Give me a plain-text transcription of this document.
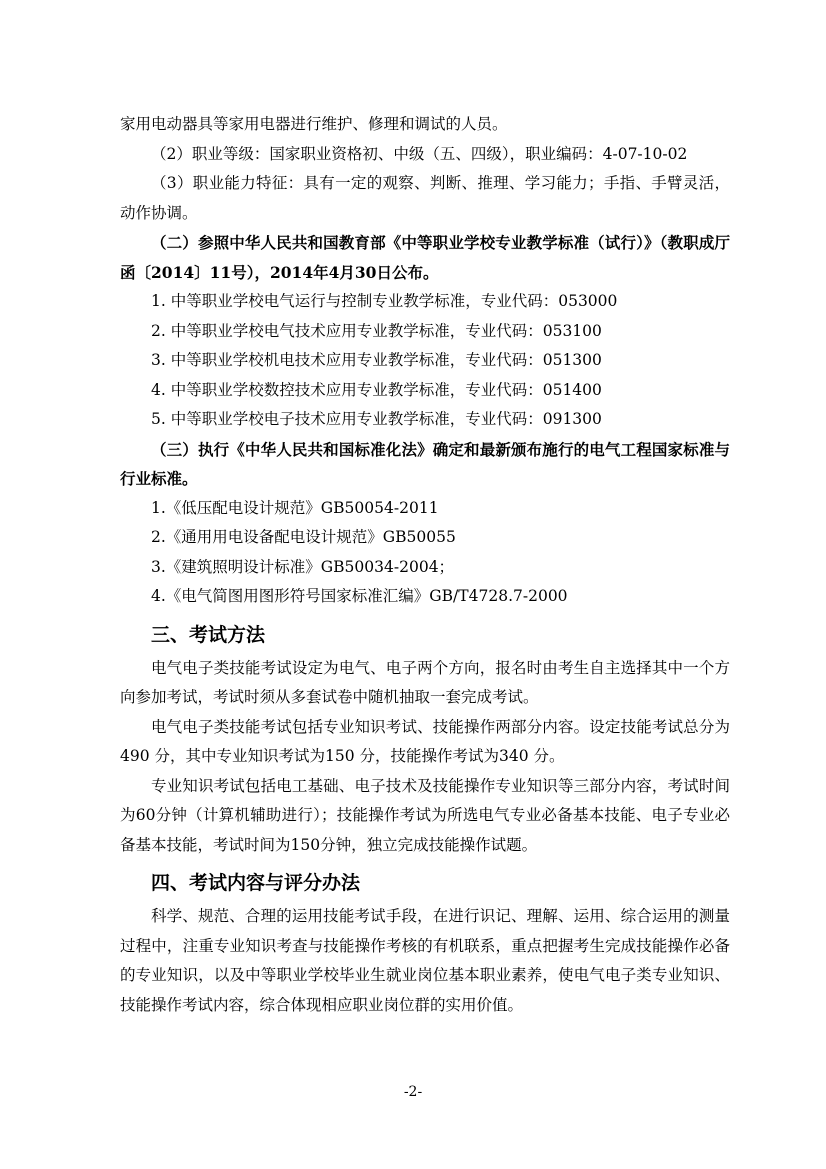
家用电动器具等家用电器进行维护、修理和调试的人员。

（2）职业等级：国家职业资格初、中级（五、四级），职业编码：4-07-10-02

（3）职业能力特征：具有一定的观察、判断、推理、学习能力；手指、手臂灵活，动作协调。

（二）参照中华人民共和国教育部《中等职业学校专业教学标准（试行）》（教职成厅函〔2014〕11号），2014年4月30日公布。

1. 中等职业学校电气运行与控制专业教学标准，专业代码：053000

2. 中等职业学校电气技术应用专业教学标准，专业代码：053100

3. 中等职业学校机电技术应用专业教学标准，专业代码：051300

4. 中等职业学校数控技术应用专业教学标准，专业代码：051400

5. 中等职业学校电子技术应用专业教学标准，专业代码：091300

（三）执行《中华人民共和国标准化法》确定和最新颁布施行的电气工程国家标准与行业标准。

1.《低压配电设计规范》GB50054-2011

2.《通用用电设备配电设计规范》GB50055

3.《建筑照明设计标准》GB50034-2004；

4.《电气简图用图形符号国家标准汇编》GB/T4728.7-2000

三、考试方法

电气电子类技能考试设定为电气、电子两个方向，报名时由考生自主选择其中一个方向参加考试，考试时须从多套试卷中随机抽取一套完成考试。

电气电子类技能考试包括专业知识考试、技能操作两部分内容。设定技能考试总分为490 分，其中专业知识考试为150 分，技能操作考试为340 分。

专业知识考试包括电工基础、电子技术及技能操作专业知识等三部分内容，考试时间为60分钟（计算机辅助进行）；技能操作考试为所选电气专业必备基本技能、电子专业必备基本技能，考试时间为150分钟，独立完成技能操作试题。

四、考试内容与评分办法

科学、规范、合理的运用技能考试手段，在进行识记、理解、运用、综合运用的测量过程中，注重专业知识考查与技能操作考核的有机联系，重点把握考生完成技能操作必备的专业知识，以及中等职业学校毕业生就业岗位基本职业素养，使电气电子类专业知识、技能操作考试内容，综合体现相应职业岗位群的实用价值。

-2-
